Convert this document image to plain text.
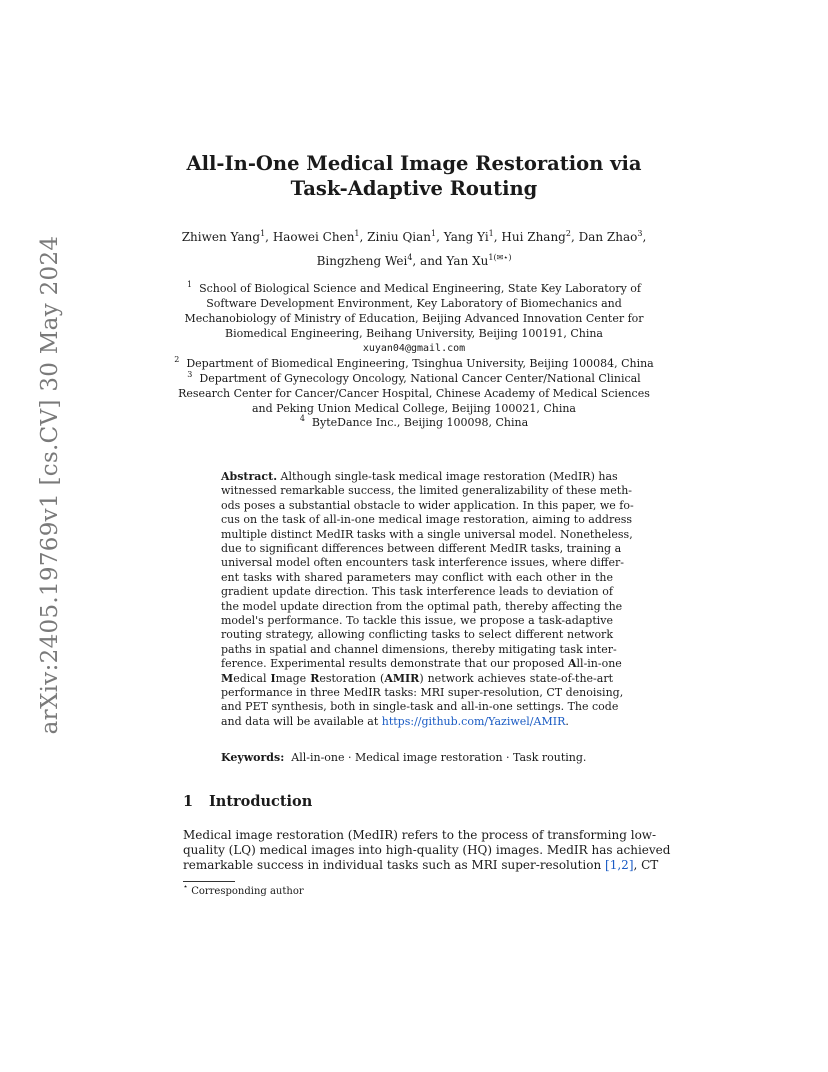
arXiv:2405.19769v1 [cs.CV] 30 May 2024
All-In-One Medical Image Restoration via
Task-Adaptive Routing
Zhiwen Yang$^1$, Haowei Chen$^1$, Ziniu Qian$^1$, Yang Yi$^1$, Hui Zhang$^2$, Dan Zhao$^3$,
Bingzheng Wei$^4$, and Yan $Xu^{1(✉⋆)}$
$^1$ School of Biological Science and Medical Engineering, State Key Laboratory of
Software Development Environment, Key Laboratory of Biomechanics and
Mechanobiology of Ministry of Education, Beijing Advanced Innovation Center for
Biomedical Engineering, Beihang University, Beijing 100191, China
xuyan04@gmail.com
$^2$ Department of Biomedical Engineering, Tsinghua University, Beijing 100084, China
$^3$ Department of Gynecology Oncology, National Cancer Center/National Clinical
Research Center for Cancer/Cancer Hospital, Chinese Academy of Medical Sciences
and Peking Union Medical College, Beijing 100021, China
$^4$ ByteDance Inc., Beijing 100098, China
Abstract. Although single-task medical image restoration (MedIR) has
witnessed remarkable success, the limited generalizability of these meth-
ods poses a substantial obstacle to wider application. In this paper, we fo-
cus on the task of all-in-one medical image restoration, aiming to address
multiple distinct MedIR tasks with a single universal model. Nonetheless,
due to significant differences between different MedIR tasks, training a
universal model often encounters task interference issues, where differ-
ent tasks with shared parameters may conflict with each other in the
gradient update direction. This task interference leads to deviation of
the model update direction from the optimal path, thereby affecting the
model's performance. To tackle this issue, we propose a task-adaptive
routing strategy, allowing conflicting tasks to select different network
paths in spatial and channel dimensions, thereby mitigating task inter-
ference. Experimental results demonstrate that our proposed All-in-one
Medical Image Restoration (AMIR) network achieves state-of-the-art
performance in three MedIR tasks: MRI super-resolution, CT denoising,
and PET synthesis, both in single-task and all-in-one settings. The code
and data will be available at https://github.com/Yaziwel/AMIR.
Keywords: All-in-one · Medical image restoration · Task routing.
1 Introduction
Medical image restoration (MedIR) refers to the process of transforming low-
quality (LQ) medical images into high-quality (HQ) images. MedIR has achieved
remarkable success in individual tasks such as MRI super-resolution [1,2], CT
⋆ Corresponding author
